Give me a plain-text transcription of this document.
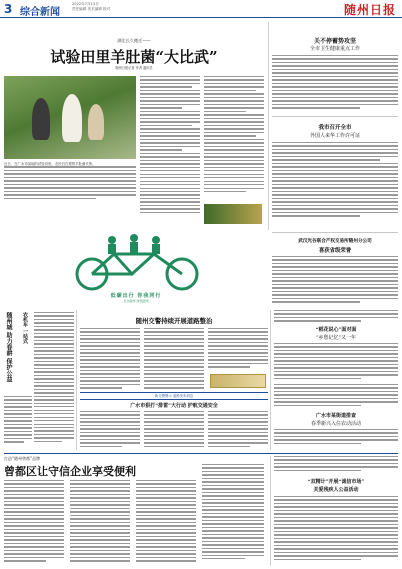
3 综合新闻
2022年7月13日
责任编辑 美术编辑 校对	随州日报
湖北长久搬迁——
试验田里羊肚菌“大比武”
随州日报记者 作者 通讯员
近日，在广水市某地的试验田里，农民们在观察羊肚菌长势。
关不停蓄势攻坚
全市卫生健康重点工作
我市召开全市
外国人来华工作许可证
低碳出行 你我同行
生态随州 绿色随州
武汉光谷联合产权交易所随州分公司
喜获省级荣誉
随州城 助力春耕 保护公益 农机车 一站式	随州交警持续开展道路整治
“稻花说心”面对面
“乡愁记忆”又一年
新交警警示 道路发布消息
广水市狠打“排雷”大行动 护航交通安全
广水市某街道排查
春季新兴入住农动活动
打造“随州曾都”品牌
曾都区让守信企业享受便利
“双精计”开展“诚信市场”
关爱残疾人公益活动
